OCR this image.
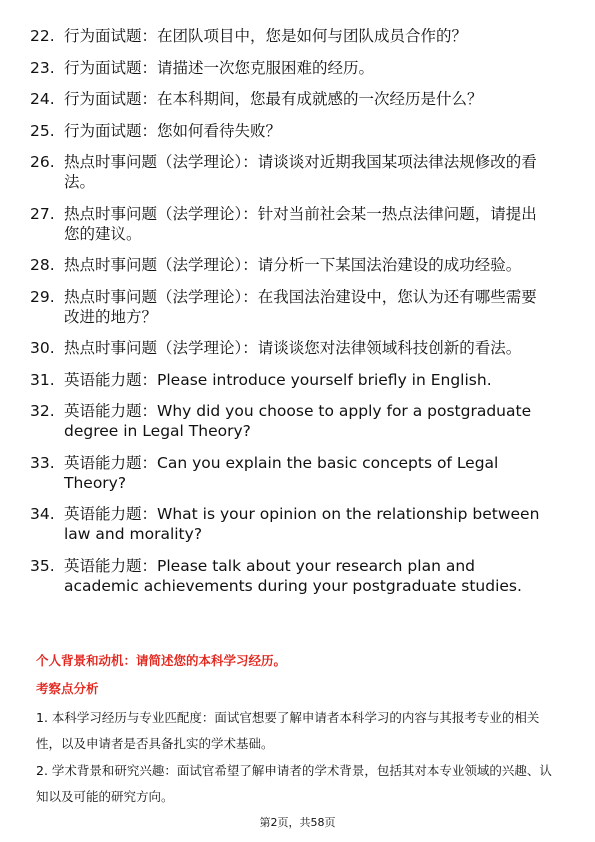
22. 行为面试题：在团队项目中，您是如何与团队成员合作的？
23. 行为面试题：请描述一次您克服困难的经历。
24. 行为面试题：在本科期间，您最有成就感的一次经历是什么？
25. 行为面试题：您如何看待失败？
26. 热点时事问题（法学理论）：请谈谈对近期我国某项法律法规修改的看法。
27. 热点时事问题（法学理论）：针对当前社会某一热点法律问题，请提出您的建议。
28. 热点时事问题（法学理论）：请分析一下某国法治建设的成功经验。
29. 热点时事问题（法学理论）：在我国法治建设中，您认为还有哪些需要改进的地方？
30. 热点时事问题（法学理论）：请谈谈您对法律领域科技创新的看法。
31. 英语能力题：Please introduce yourself briefly in English.
32. 英语能力题：Why did you choose to apply for a postgraduate degree in Legal Theory?
33. 英语能力题：Can you explain the basic concepts of Legal Theory?
34. 英语能力题：What is your opinion on the relationship between law and morality?
35. 英语能力题：Please talk about your research plan and academic achievements during your postgraduate studies.
个人背景和动机：请简述您的本科学习经历。
考察点分析
1. 本科学习经历与专业匹配度：面试官想要了解申请者本科学习的内容与其报考专业的相关性，以及申请者是否具备扎实的学术基础。
2. 学术背景和研究兴趣：面试官希望了解申请者的学术背景，包括其对本专业领域的兴趣、认知以及可能的研究方向。
第2页，共58页
